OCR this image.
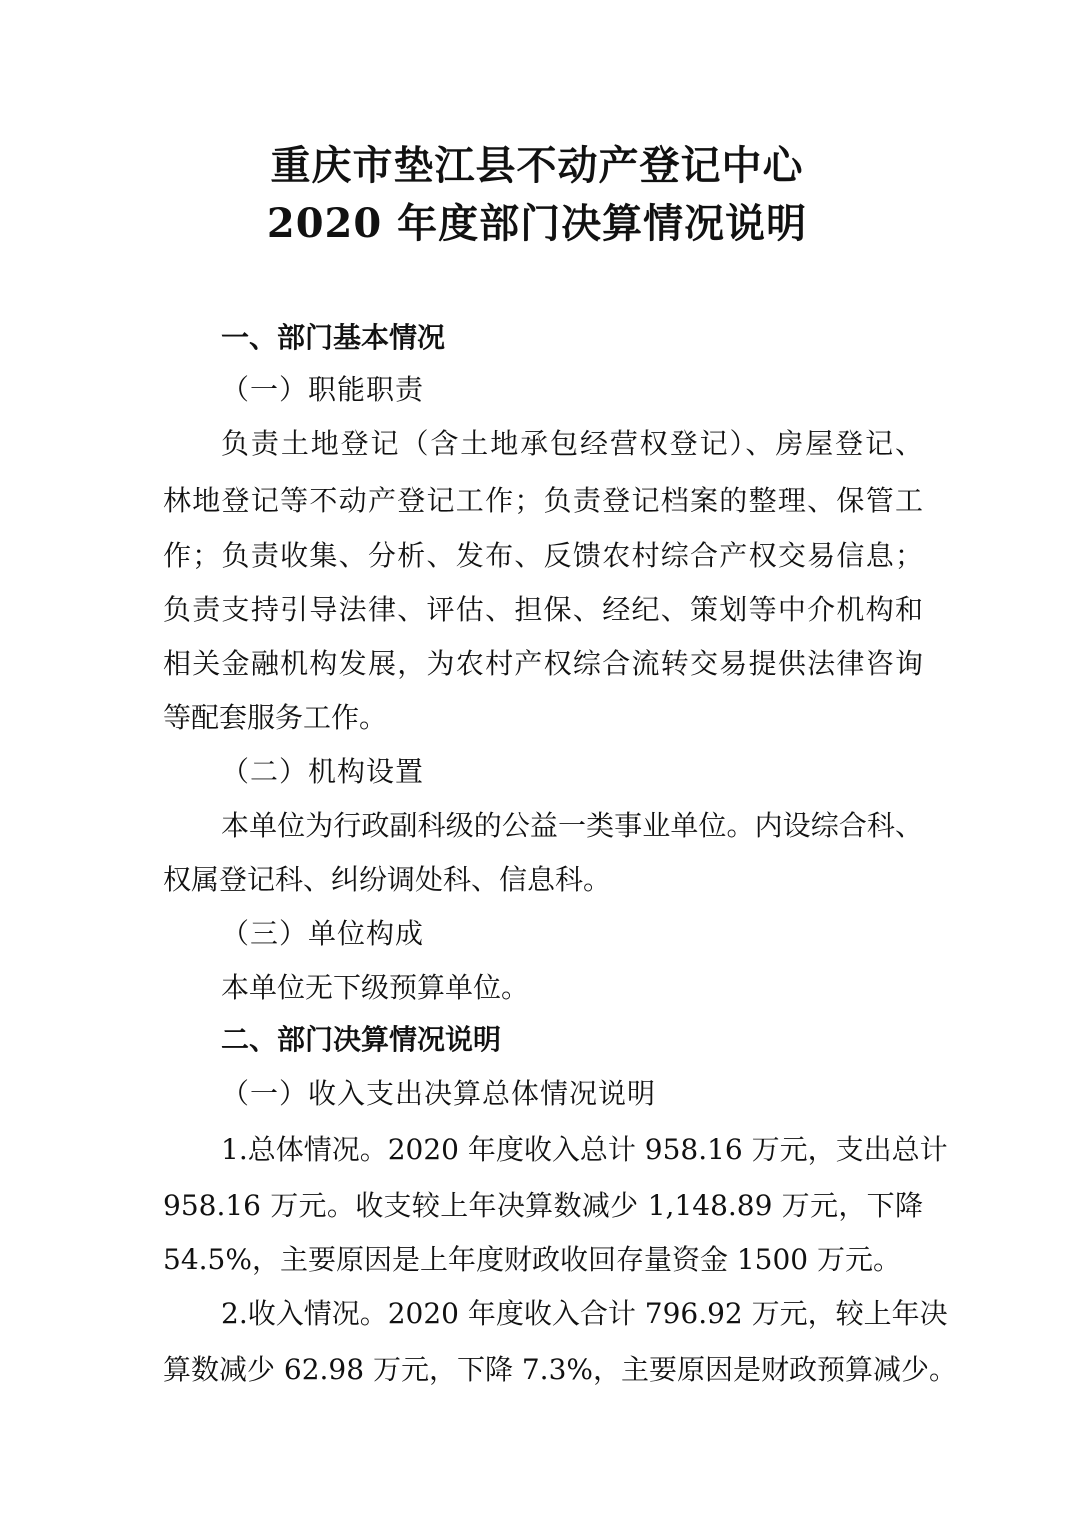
重庆市垫江县不动产登记中心
2020 年度部门决算情况说明
一、部门基本情况
（一）职能职责
负责土地登记（含土地承包经营权登记）、房屋登记、
林地登记等不动产登记工作；负责登记档案的整理、保管工
作；负责收集、分析、发布、反馈农村综合产权交易信息；
负责支持引导法律、评估、担保、经纪、策划等中介机构和
相关金融机构发展，为农村产权综合流转交易提供法律咨询
等配套服务工作。
（二）机构设置
本单位为行政副科级的公益一类事业单位。内设综合科、
权属登记科、纠纷调处科、信息科。
（三）单位构成
本单位无下级预算单位。
二、部门决算情况说明
（一）收入支出决算总体情况说明
1.总体情况。2020 年度收入总计 958.16 万元，支出总计
958.16 万元。收支较上年决算数减少 1,148.89 万元，下降
54.5%，主要原因是上年度财政收回存量资金 1500 万元。
2.收入情况。2020 年度收入合计 796.92 万元，较上年决
算数减少 62.98 万元，下降 7.3%，主要原因是财政预算减少。
